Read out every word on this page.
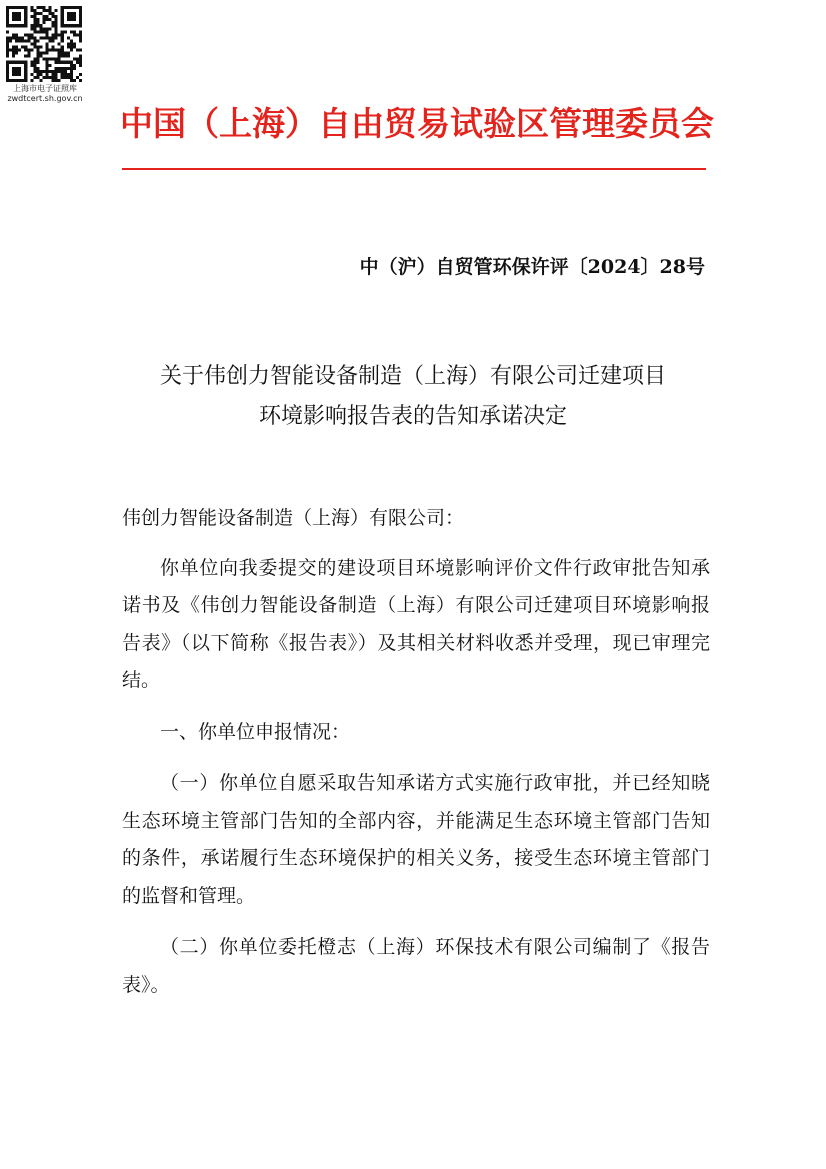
上海市电子证照库
zwdtcert.sh.gov.cn
中国（上海）自由贸易试验区管理委员会
中（沪）自贸管环保许评〔2024〕28号
关于伟创力智能设备制造（上海）有限公司迁建项目
环境影响报告表的告知承诺决定

伟创力智能设备制造（上海）有限公司：

你单位向我委提交的建设项目环境影响评价文件行政审批告知承诺书及《伟创力智能设备制造（上海）有限公司迁建项目环境影响报告表》（以下简称《报告表》）及其相关材料收悉并受理，现已审理完结。

一、你单位申报情况：

（一）你单位自愿采取告知承诺方式实施行政审批，并已经知晓生态环境主管部门告知的全部内容，并能满足生态环境主管部门告知的条件，承诺履行生态环境保护的相关义务，接受生态环境主管部门的监督和管理。

（二）你单位委托橙志（上海）环保技术有限公司编制了《报告表》。
